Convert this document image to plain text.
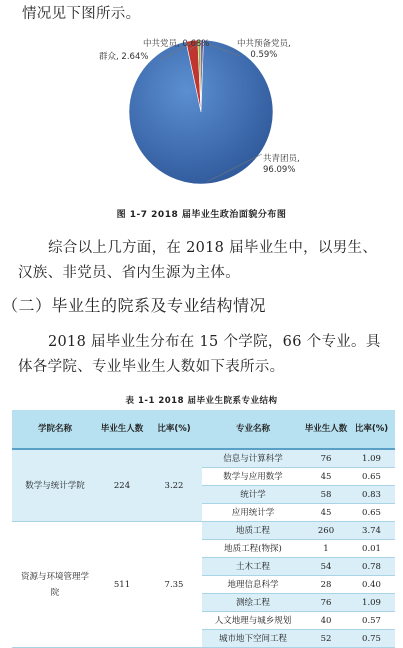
情况见下图所示。
群众, 2.64%
中共党员, 0.68%	中共预备党员,
0.59%
共青团员,
96.09%
图 1-7 2018 届毕业生政治面貌分布图
综合以上几方面，在 2018 届毕业生中，以男生、汉族、非党员、省内生源为主体。
（二）毕业生的院系及专业结构情况
2018 届毕业生分布在 15 个学院，66 个专业。具体各学院、专业毕业生人数如下表所示。
表 1-1 2018 届毕业生院系专业结构
学院名称	毕业生人数	比率(%)	专业名称	毕业生人数	比率(%)
数学与统计学院	224	3.22	信息与计算科学	76	1.09
			数学与应用数学	45	0.65
			统计学	58	0.83
			应用统计学	45	0.65
资源与环境管理学院	511	7.35	地质工程	260	3.74
			地质工程(物探)	1	0.01
			土木工程	54	0.78
			地理信息科学	28	0.40
			测绘工程	76	1.09
			人文地理与城乡规划	40	0.57
			城市地下空间工程	52	0.75
